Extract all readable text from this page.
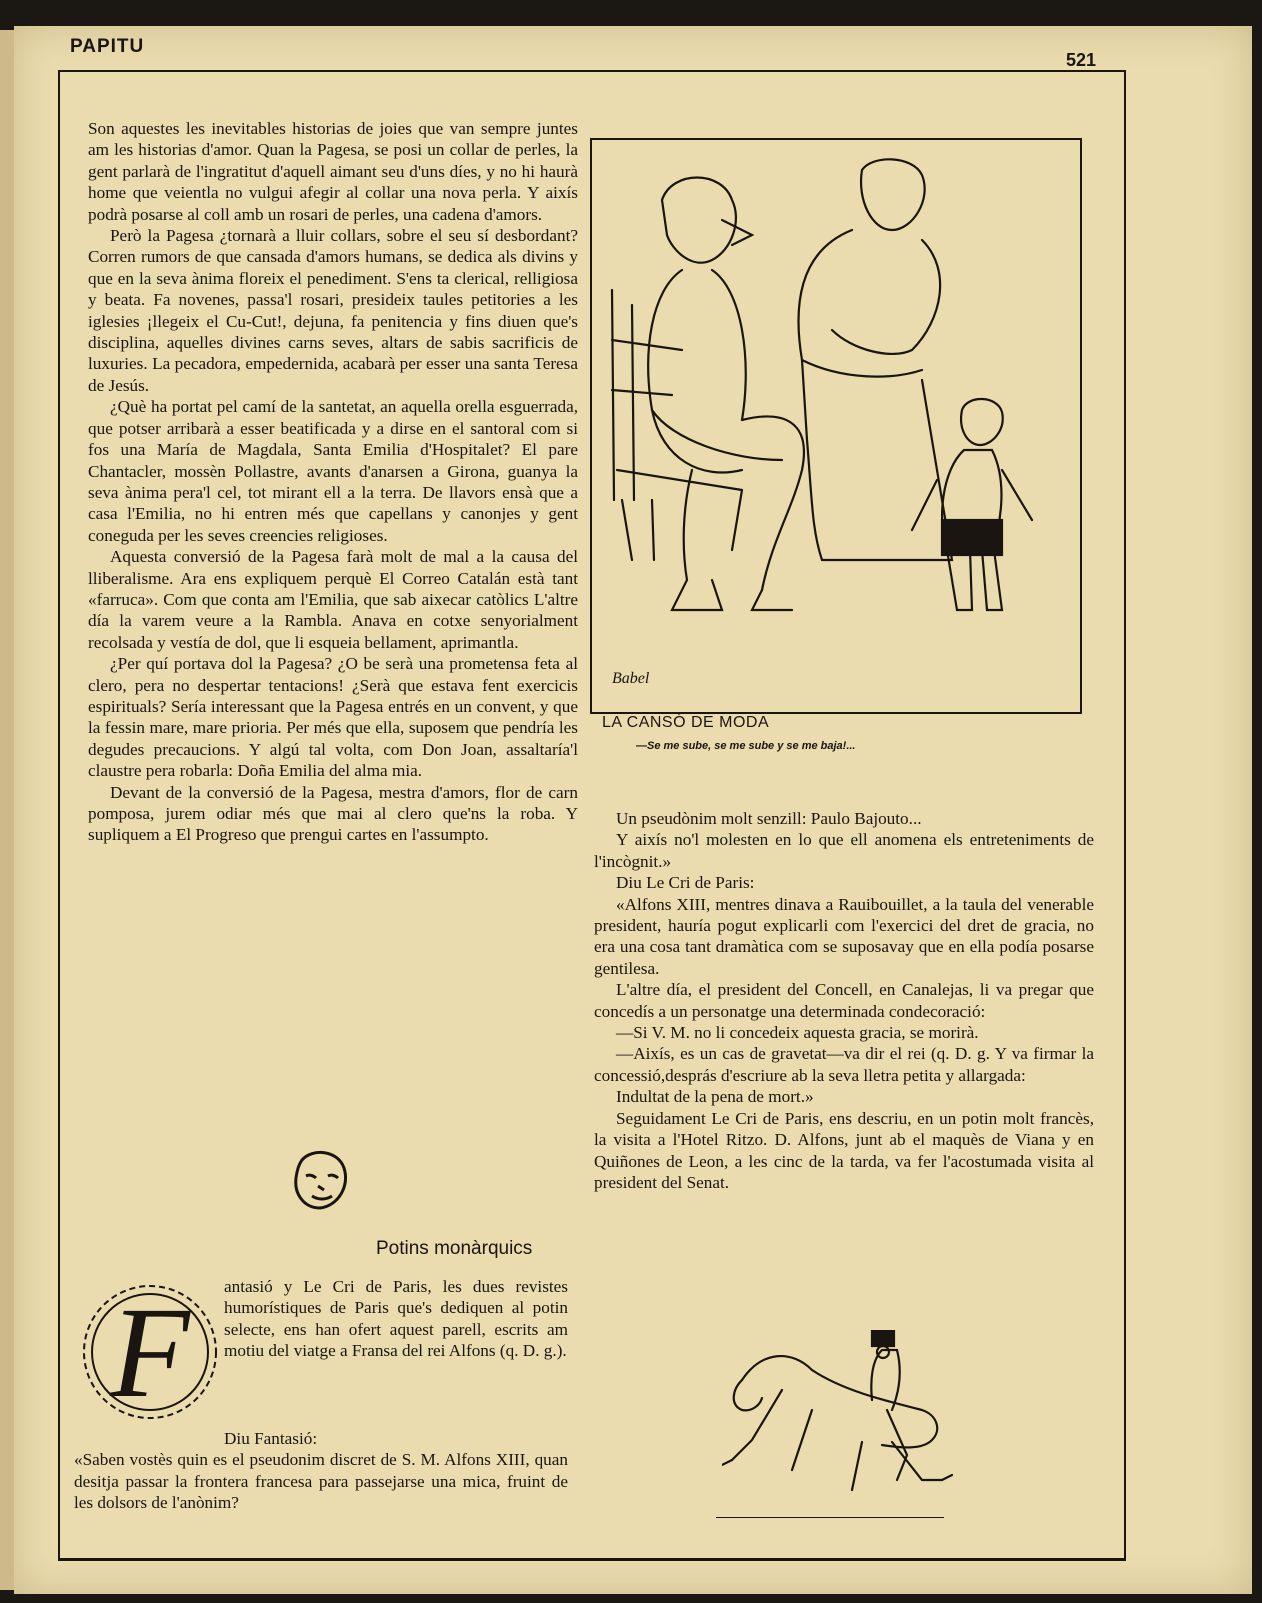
PAPITU
521

Son aquestes les inevitables historias de joies que van sempre juntes am les historias d'amor. Quan la Pagesa, se posi un collar de perles, la gent parlarà de l'ingratitut d'aquell aimant seu d'uns díes, y no hi haurà home que veientla no vulgui afegir al collar una nova perla. Y aixís podrà posarse al coll amb un rosari de perles, una cadena d'amors.

Però la Pagesa ¿tornarà a lluir collars, sobre el seu sí desbordant? Corren rumors de que cansada d'amors humans, se dedica als divins y que en la seva ànima floreix el penediment. S'ens ta clerical, relligiosa y beata. Fa novenes, passa'l rosari, presideix taules petitories a les iglesies ¡llegeix el Cu-Cut!, dejuna, fa penitencia y fins diuen que's disciplina, aquelles divines carns seves, altars de sabis sacrificis de luxuries. La pecadora, empedernida, acabarà per esser una santa Teresa de Jesús.

¿Què ha portat pel camí de la santetat, an aquella orella esguerrada, que potser arribarà a esser beatificada y a dirse en el santoral com si fos una María de Magdala, Santa Emilia d'Hospitalet? El pare Chantacler, mossèn Pollastre, avants d'anarsen a Girona, guanya la seva ànima pera'l cel, tot mirant ell a la terra. De llavors ensà que a casa l'Emilia, no hi entren més que capellans y canonjes y gent coneguda per les seves creencies religioses.

Aquesta conversió de la Pagesa farà molt de mal a la causa del lliberalisme. Ara ens expliquem perquè El Correo Catalán està tant «farruca». Com que conta am l'Emilia, que sab aixecar catòlics L'altre día la varem veure a la Rambla. Anava en cotxe senyorialment recolsada y vestía de dol, que li esqueia bellament, aprimantla.

¿Per quí portava dol la Pagesa? ¿O be serà una prometensa feta al clero, pera no despertar tentacions! ¿Serà que estava fent exercicis espirituals? Sería interessant que la Pagesa entrés en un convent, y que la fessin mare, mare prioria. Per més que ella, suposem que pendría les degudes precaucions. Y algú tal volta, com Don Joan, assaltaría'l claustre pera robarla: Doña Emilia del alma mia.

Devant de la conversió de la Pagesa, mestra d'amors, flor de carn pomposa, jurem odiar més que mai al clero que'ns la roba. Y supliquem a El Progreso que prengui cartes en l'assumpto.

Babel
LA CANSÓ DE MODA
—Se me sube, se me sube y se me baja!...
Potins monàrquics
F antasió y Le Cri de Paris, les dues revistes humorístiques de Paris que's dediquen al potin selecte, ens han ofert aquest parell, escrits am motiu del viatge a Fransa del rei Alfons (q. D. g.).

Diu Fantasió:

«Saben vostès quin es el pseudonim discret de S. M. Alfons XIII, quan desitja passar la frontera francesa para passejarse una mica, fruint de les dolsors de l'anònim?

Un pseudònim molt senzill: Paulo Bajouto...

Y aixís no'l molesten en lo que ell anomena els entreteniments de l'incògnit.»

Diu Le Cri de Paris:

«Alfons XIII, mentres dinava a Rauibouillet, a la taula del venerable president, hauría pogut explicarli com l'exercici del dret de gracia, no era una cosa tant dramàtica com se suposavay que en ella podía posarse gentilesa.

L'altre día, el president del Concell, en Canalejas, li va pregar que concedís a un personatge una determinada condecoració:

—Si V. M. no li concedeix aquesta gracia, se morirà.

—Aixís, es un cas de gravetat—va dir el rei (q. D. g. Y va firmar la concessió,desprás d'escriure ab la seva lletra petita y allargada:

Indultat de la pena de mort.»

Seguidament Le Cri de Paris, ens descriu, en un potin molt francès, la visita a l'Hotel Ritzo. D. Alfons, junt ab el maquès de Viana y en Quiñones de Leon, a les cinc de la tarda, va fer l'acostumada visita al president del Senat.
